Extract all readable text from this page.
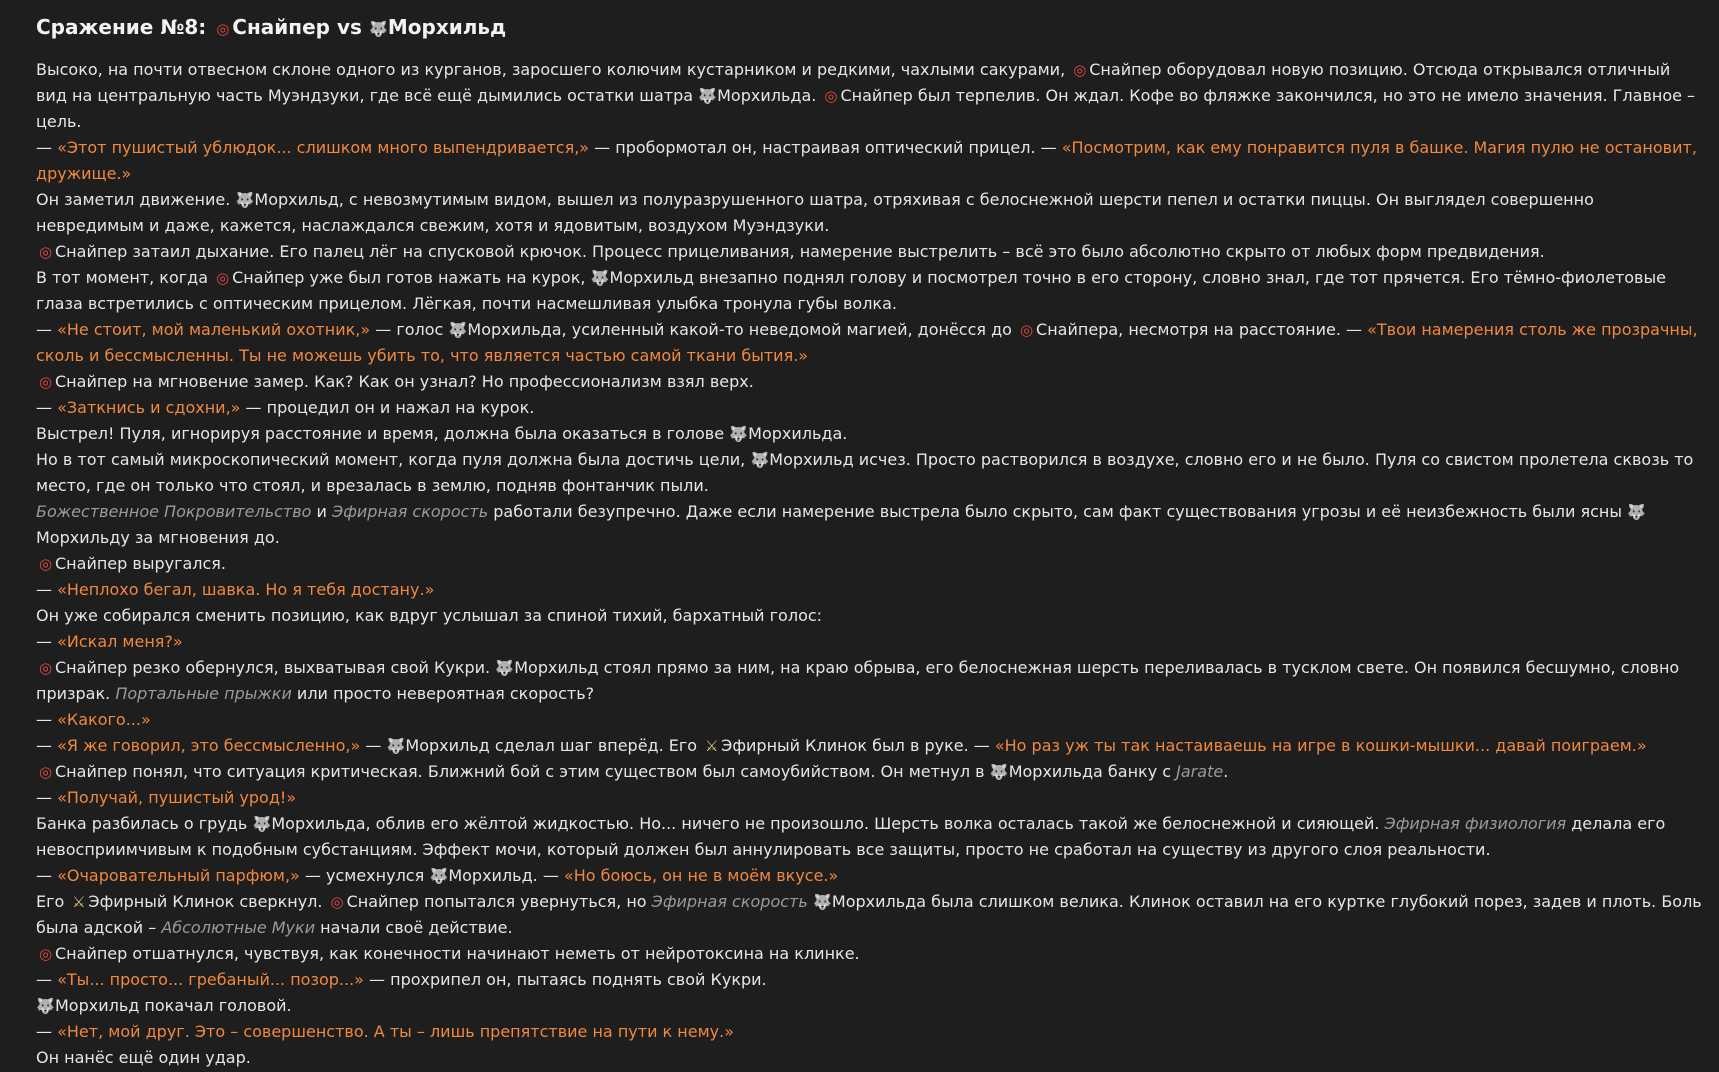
Сражение №8: ◎ Снайпер vs 🐺Морхильд
Высоко, на почти отвесном склоне одного из курганов, заросшего колючим кустарником и редкими, чахлыми сакурами, ◎ Снайпер оборудовал новую позицию. Отсюда открывался отличный вид на центральную часть Муэндзуки, где всё ещё дымились остатки шатра 🐺Морхильда. ◎ Снайпер был терпелив. Он ждал. Кофе во фляжке закончился, но это не имело значения. Главное – цель.
— «Этот пушистый ублюдок... слишком много выпендривается,» — пробормотал он, настраивая оптический прицел. — «Посмотрим, как ему понравится пуля в башке. Магия пулю не остановит, дружище.»
Он заметил движение. 🐺Морхильд, с невозмутимым видом, вышел из полуразрушенного шатра, отряхивая с белоснежной шерсти пепел и остатки пиццы. Он выглядел совершенно невредимым и даже, кажется, наслаждался свежим, хотя и ядовитым, воздухом Муэндзуки.
◎ Снайпер затаил дыхание. Его палец лёг на спусковой крючок. Процесс прицеливания, намерение выстрелить – всё это было абсолютно скрыто от любых форм предвидения.
В тот момент, когда ◎ Снайпер уже был готов нажать на курок, 🐺Морхильд внезапно поднял голову и посмотрел точно в его сторону, словно знал, где тот прячется. Его тёмно-фиолетовые глаза встретились с оптическим прицелом. Лёгкая, почти насмешливая улыбка тронула губы волка.
— «Не стоит, мой маленький охотник,» — голос 🐺Морхильда, усиленный какой-то неведомой магией, донёсся до ◎ Снайпера, несмотря на расстояние. — «Твои намерения столь же прозрачны, сколь и бессмысленны. Ты не можешь убить то, что является частью самой ткани бытия.»
◎ Снайпер на мгновение замер. Как? Как он узнал? Но профессионализм взял верх.
— «Заткнись и сдохни,» — процедил он и нажал на курок.
Выстрел! Пуля, игнорируя расстояние и время, должна была оказаться в голове 🐺Морхильда.
Но в тот самый микроскопический момент, когда пуля должна была достичь цели, 🐺Морхильд исчез. Просто растворился в воздухе, словно его и не было. Пуля со свистом пролетела сквозь то место, где он только что стоял, и врезалась в землю, подняв фонтанчик пыли.
Божественное Покровительство и Эфирная скорость работали безупречно. Даже если намерение выстрела было скрыто, сам факт существования угрозы и её неизбежность были ясны 🐺Морхильду за мгновения до.
◎ Снайпер выругался.
— «Неплохо бегал, шавка. Но я тебя достану.»
Он уже собирался сменить позицию, как вдруг услышал за спиной тихий, бархатный голос:
— «Искал меня?»
◎ Снайпер резко обернулся, выхватывая свой Кукри. 🐺Морхильд стоял прямо за ним, на краю обрыва, его белоснежная шерсть переливалась в тусклом свете. Он появился бесшумно, словно призрак. Портальные прыжки или просто невероятная скорость?
— «Какого...»
— «Я же говорил, это бессмысленно,» — 🐺Морхильд сделал шаг вперёд. Его ⚔ Эфирный Клинок был в руке. — «Но раз уж ты так настаиваешь на игре в кошки-мышки... давай поиграем.»
◎ Снайпер понял, что ситуация критическая. Ближний бой с этим существом был самоубийством. Он метнул в 🐺Морхильда банку с Jarate.
— «Получай, пушистый урод!»
Банка разбилась о грудь 🐺Морхильда, облив его жёлтой жидкостью. Но... ничего не произошло. Шерсть волка осталась такой же белоснежной и сияющей. Эфирная физиология делала его невосприимчивым к подобным субстанциям. Эффект мочи, который должен был аннулировать все защиты, просто не сработал на существу из другого слоя реальности.
— «Очаровательный парфюм,» — усмехнулся 🐺Морхильд. — «Но боюсь, он не в моём вкусе.»
Его ⚔ Эфирный Клинок сверкнул. ◎ Снайпер попытался увернуться, но Эфирная скорость 🐺Морхильда была слишком велика. Клинок оставил на его куртке глубокий порез, задев и плоть. Боль была адской – Абсолютные Муки начали своё действие.
◎ Снайпер отшатнулся, чувствуя, как конечности начинают неметь от нейротоксина на клинке.
— «Ты... просто... гребаный... позор...» — прохрипел он, пытаясь поднять свой Кукри.
🐺Морхильд покачал головой.
— «Нет, мой друг. Это – совершенство. А ты – лишь препятствие на пути к нему.»
Он нанёс ещё один удар.
